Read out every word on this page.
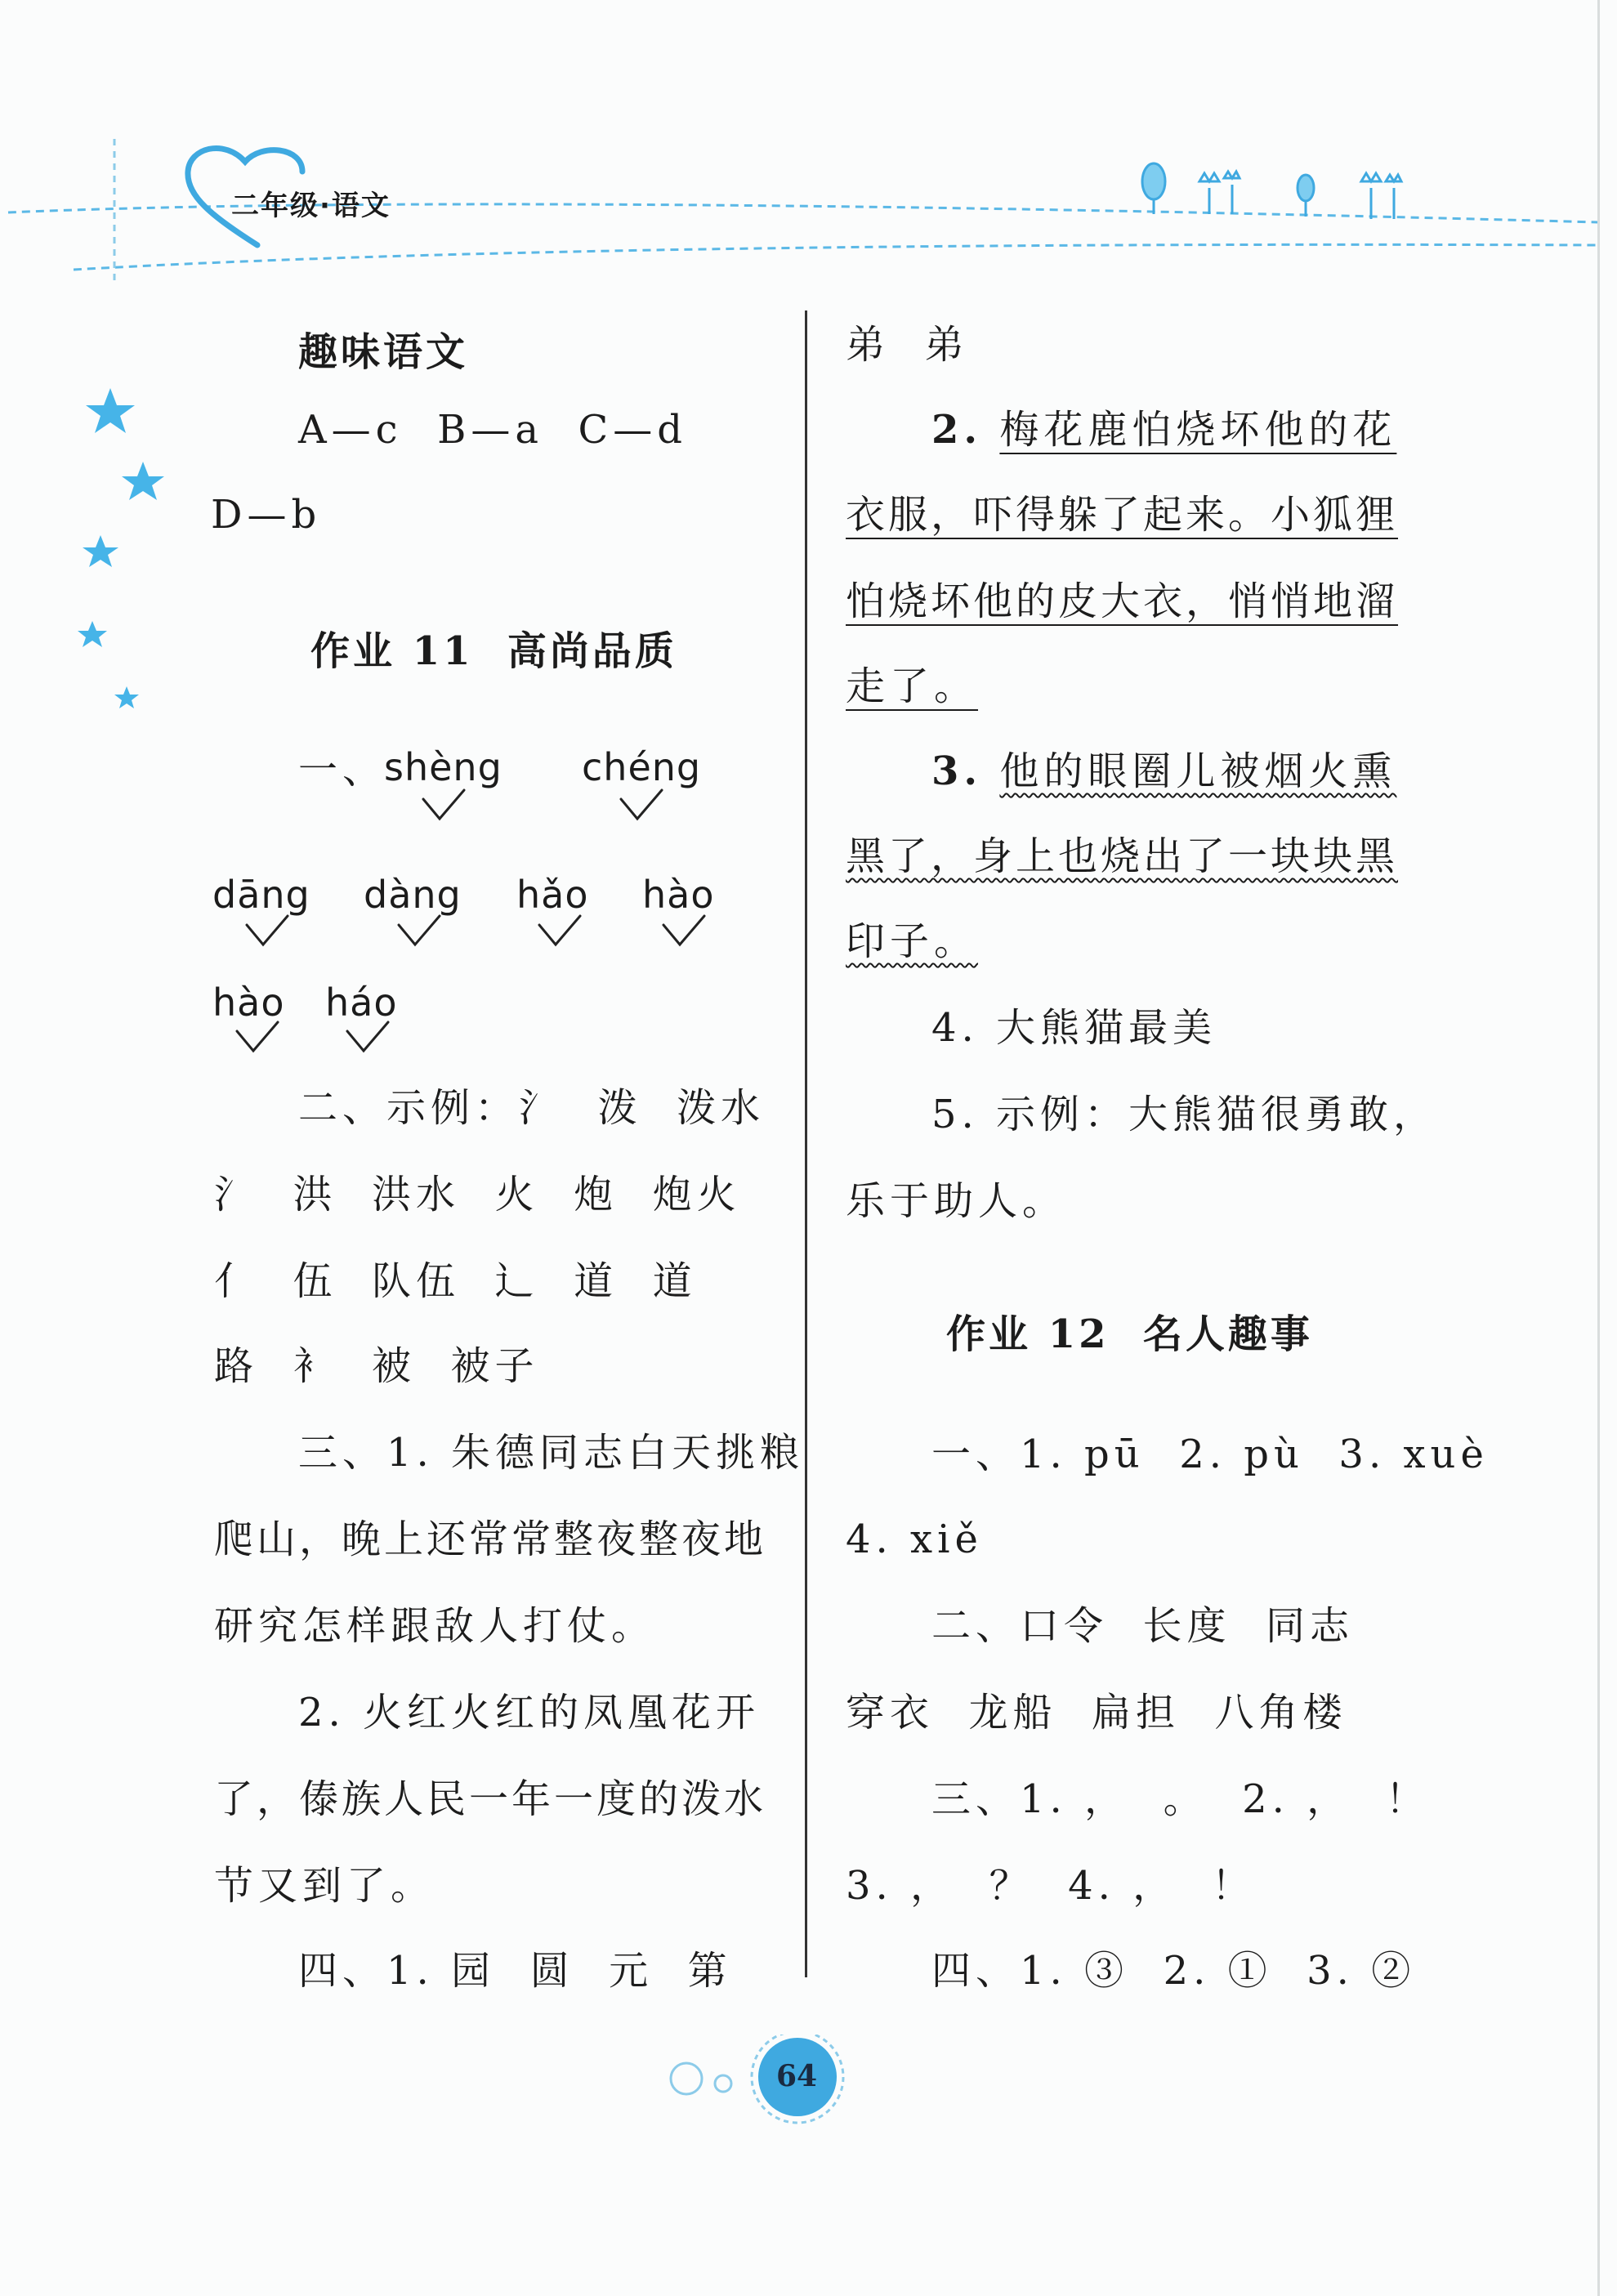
二年级·语文
趣味语文
A—c  B—a  C—d
D—b
作业 11  高尚品质
一、
shèng chéng
dāng dàng hǎo hào
hào háo
二、示例：氵  泼  泼水
氵  洪  洪水  火  炮  炮火
亻  伍  队伍  辶  道  道
路  衤  被  被子
三、1. 朱德同志白天挑粮
爬山，晚上还常常整夜整夜地
研究怎样跟敌人打仗。
2. 火红火红的凤凰花开
了，傣族人民一年一度的泼水
节又到了。
四、1. 园  圆  元  第
弟  弟
2. 梅花鹿怕烧坏他的花
衣服，吓得躲了起来。小狐狸
怕烧坏他的皮大衣，悄悄地溜
走了。
3. 他的眼圈儿被烟火熏
黑了，身上也烧出了一块块黑
印子。
4. 大熊猫最美
5. 示例：大熊猫很勇敢，
乐于助人。
作业 12  名人趣事
一、1. pū  2. pù  3. xuè
4. xiě
二、口令  长度  同志
穿衣  龙船  扁担  八角楼
三、1. ，  。  2. ，  ！
3. ，  ？  4. ，  ！
四、1. ③  2. ①  3. ②
64
